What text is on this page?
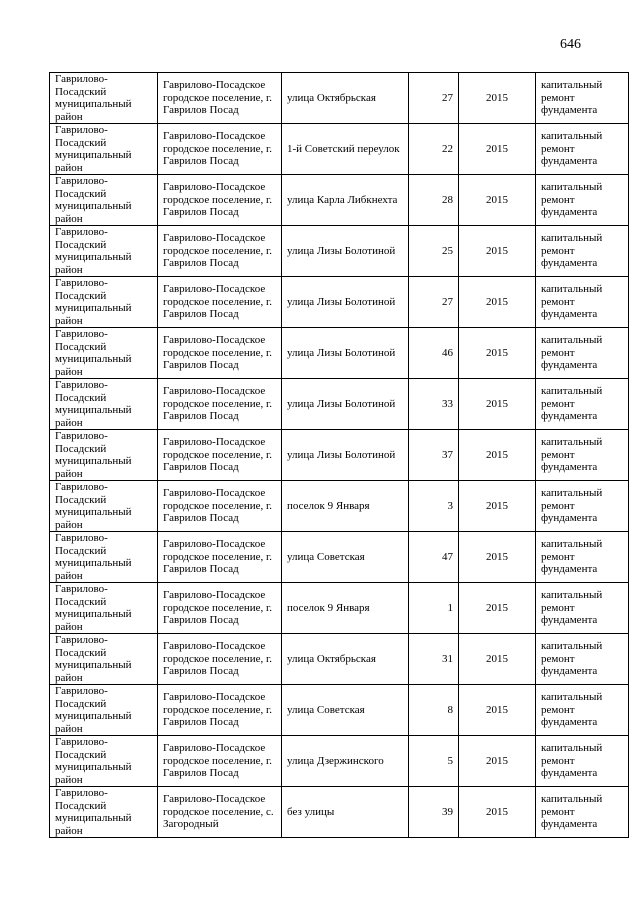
646
Гаврилово-Посадский муниципальный район	Гаврилово-Посадское городское поселение, г. Гаврилов Посад	улица Октябрьская	27	2015	капитальный ремонт фундамента
Гаврилово-Посадский муниципальный район	Гаврилово-Посадское городское поселение, г. Гаврилов Посад	1-й Советский переулок	22	2015	капитальный ремонт фундамента
Гаврилово-Посадский муниципальный район	Гаврилово-Посадское городское поселение, г. Гаврилов Посад	улица Карла Либкнехта	28	2015	капитальный ремонт фундамента
Гаврилово-Посадский муниципальный район	Гаврилово-Посадское городское поселение, г. Гаврилов Посад	улица Лизы Болотиной	25	2015	капитальный ремонт фундамента
Гаврилово-Посадский муниципальный район	Гаврилово-Посадское городское поселение, г. Гаврилов Посад	улица Лизы Болотиной	27	2015	капитальный ремонт фундамента
Гаврилово-Посадский муниципальный район	Гаврилово-Посадское городское поселение, г. Гаврилов Посад	улица Лизы Болотиной	46	2015	капитальный ремонт фундамента
Гаврилово-Посадский муниципальный район	Гаврилово-Посадское городское поселение, г. Гаврилов Посад	улица Лизы Болотиной	33	2015	капитальный ремонт фундамента
Гаврилово-Посадский муниципальный район	Гаврилово-Посадское городское поселение, г. Гаврилов Посад	улица Лизы Болотиной	37	2015	капитальный ремонт фундамента
Гаврилово-Посадский муниципальный район	Гаврилово-Посадское городское поселение, г. Гаврилов Посад	поселок 9 Января	3	2015	капитальный ремонт фундамента
Гаврилово-Посадский муниципальный район	Гаврилово-Посадское городское поселение, г. Гаврилов Посад	улица Советская	47	2015	капитальный ремонт фундамента
Гаврилово-Посадский муниципальный район	Гаврилово-Посадское городское поселение, г. Гаврилов Посад	поселок 9 Января	1	2015	капитальный ремонт фундамента
Гаврилово-Посадский муниципальный район	Гаврилово-Посадское городское поселение, г. Гаврилов Посад	улица Октябрьская	31	2015	капитальный ремонт фундамента
Гаврилово-Посадский муниципальный район	Гаврилово-Посадское городское поселение, г. Гаврилов Посад	улица Советская	8	2015	капитальный ремонт фундамента
Гаврилово-Посадский муниципальный район	Гаврилово-Посадское городское поселение, г. Гаврилов Посад	улица Дзержинского	5	2015	капитальный ремонт фундамента
Гаврилово-Посадский муниципальный район	Гаврилово-Посадское городское поселение, с. Загородный	без улицы	39	2015	капитальный ремонт фундамента
